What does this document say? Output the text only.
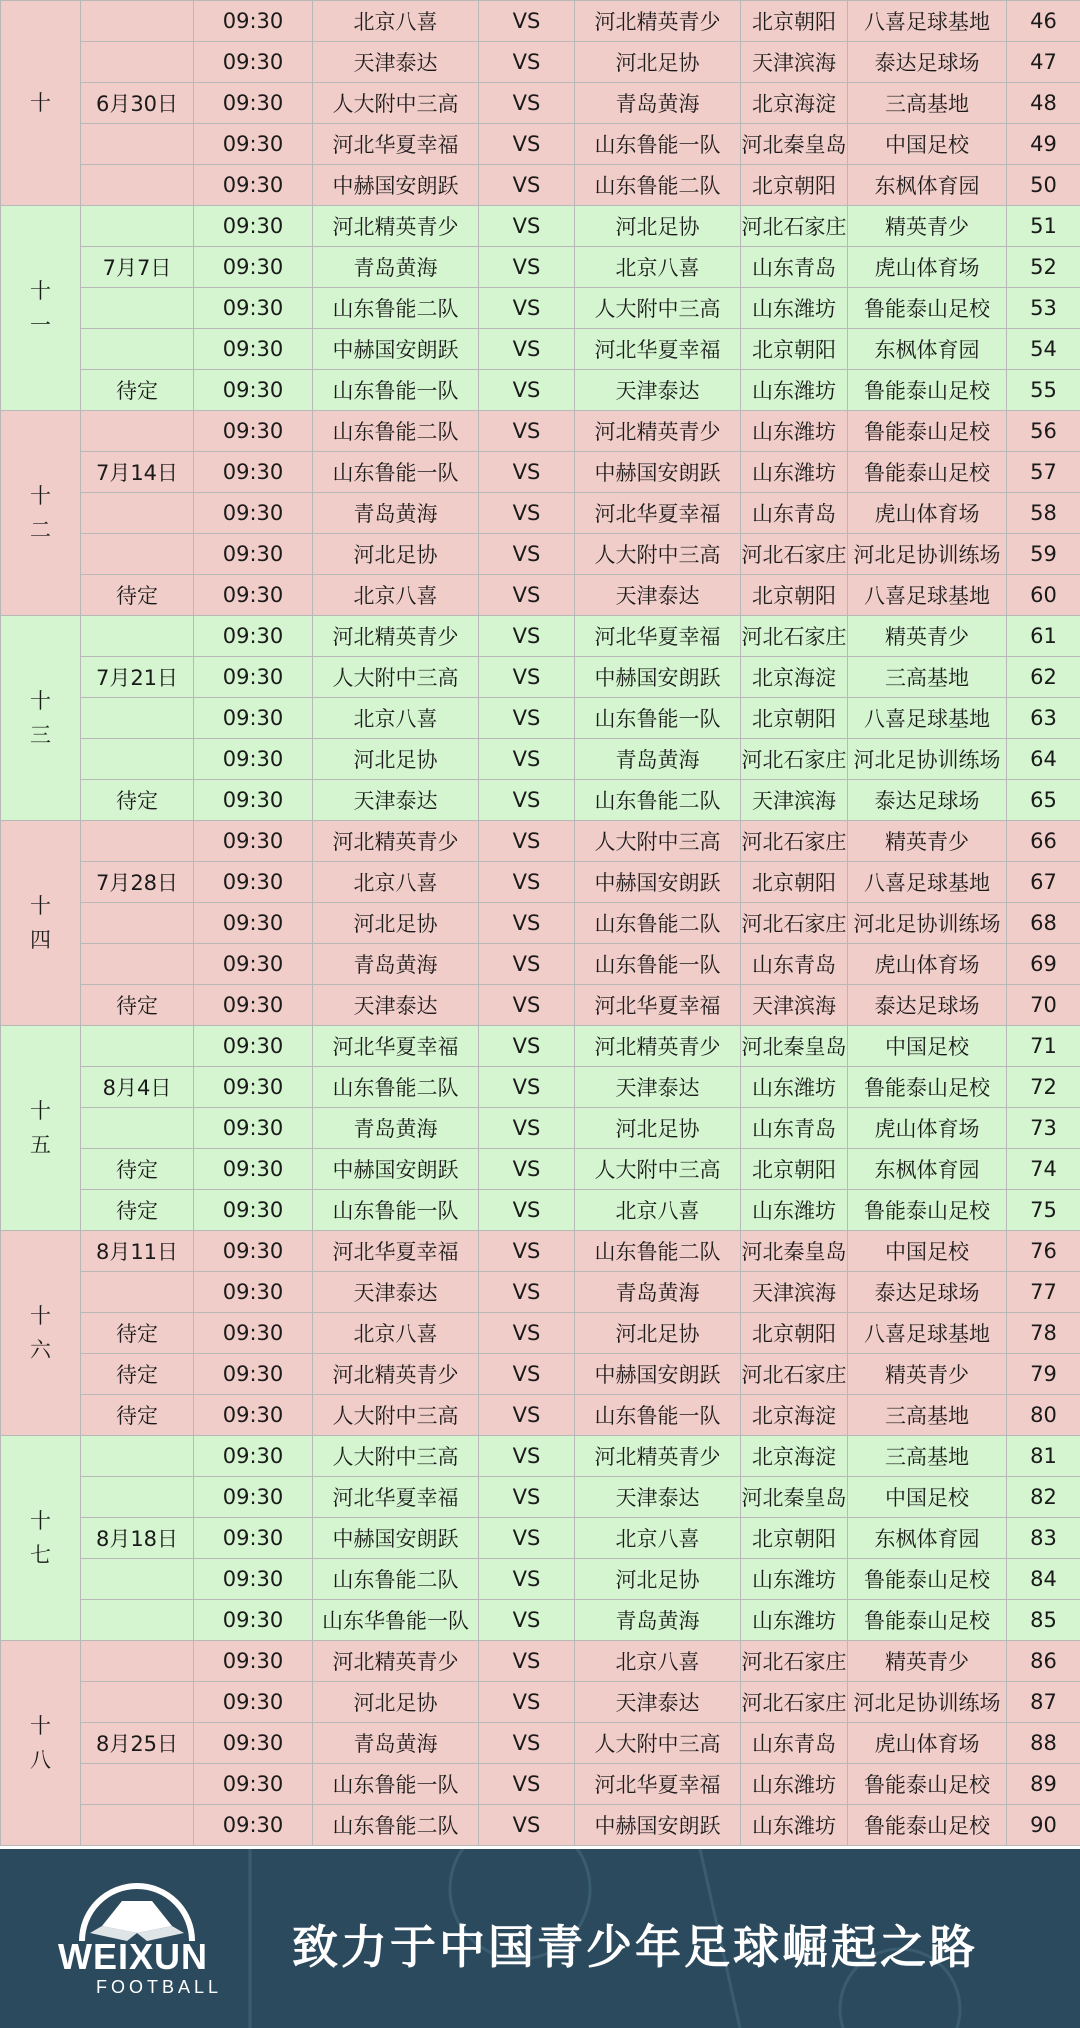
十		09:30	北京八喜	VS	河北精英青少	北京朝阳	八喜足球基地	46
		09:30	天津泰达	VS	河北足协	天津滨海	泰达足球场	47
	6月30日	09:30	人大附中三高	VS	青岛黄海	北京海淀	三高基地	48
		09:30	河北华夏幸福	VS	山东鲁能一队	河北秦皇岛	中国足校	49
		09:30	中赫国安朗跃	VS	山东鲁能二队	北京朝阳	东枫体育园	50

十
一		09:30	河北精英青少	VS	河北足协	河北石家庄	精英青少	51
	7月7日	09:30	青岛黄海	VS	北京八喜	山东青岛	虎山体育场	52
		09:30	山东鲁能二队	VS	人大附中三高	山东潍坊	鲁能泰山足校	53
		09:30	中赫国安朗跃	VS	河北华夏幸福	北京朝阳	东枫体育园	54
	待定	09:30	山东鲁能一队	VS	天津泰达	山东潍坊	鲁能泰山足校	55

十
二		09:30	山东鲁能二队	VS	河北精英青少	山东潍坊	鲁能泰山足校	56
	7月14日	09:30	山东鲁能一队	VS	中赫国安朗跃	山东潍坊	鲁能泰山足校	57
		09:30	青岛黄海	VS	河北华夏幸福	山东青岛	虎山体育场	58
		09:30	河北足协	VS	人大附中三高	河北石家庄	河北足协训练场	59
	待定	09:30	北京八喜	VS	天津泰达	北京朝阳	八喜足球基地	60

十
三		09:30	河北精英青少	VS	河北华夏幸福	河北石家庄	精英青少	61
	7月21日	09:30	人大附中三高	VS	中赫国安朗跃	北京海淀	三高基地	62
		09:30	北京八喜	VS	山东鲁能一队	北京朝阳	八喜足球基地	63
		09:30	河北足协	VS	青岛黄海	河北石家庄	河北足协训练场	64
	待定	09:30	天津泰达	VS	山东鲁能二队	天津滨海	泰达足球场	65

十
四		09:30	河北精英青少	VS	人大附中三高	河北石家庄	精英青少	66
	7月28日	09:30	北京八喜	VS	中赫国安朗跃	北京朝阳	八喜足球基地	67
		09:30	河北足协	VS	山东鲁能二队	河北石家庄	河北足协训练场	68
		09:30	青岛黄海	VS	山东鲁能一队	山东青岛	虎山体育场	69
	待定	09:30	天津泰达	VS	河北华夏幸福	天津滨海	泰达足球场	70

十
五		09:30	河北华夏幸福	VS	河北精英青少	河北秦皇岛	中国足校	71
	8月4日	09:30	山东鲁能二队	VS	天津泰达	山东潍坊	鲁能泰山足校	72
		09:30	青岛黄海	VS	河北足协	山东青岛	虎山体育场	73
	待定	09:30	中赫国安朗跃	VS	人大附中三高	北京朝阳	东枫体育园	74
	待定	09:30	山东鲁能一队	VS	北京八喜	山东潍坊	鲁能泰山足校	75

十
六	8月11日	09:30	河北华夏幸福	VS	山东鲁能二队	河北秦皇岛	中国足校	76
		09:30	天津泰达	VS	青岛黄海	天津滨海	泰达足球场	77
	待定	09:30	北京八喜	VS	河北足协	北京朝阳	八喜足球基地	78
	待定	09:30	河北精英青少	VS	中赫国安朗跃	河北石家庄	精英青少	79
	待定	09:30	人大附中三高	VS	山东鲁能一队	北京海淀	三高基地	80

十
七		09:30	人大附中三高	VS	河北精英青少	北京海淀	三高基地	81
		09:30	河北华夏幸福	VS	天津泰达	河北秦皇岛	中国足校	82
	8月18日	09:30	中赫国安朗跃	VS	北京八喜	北京朝阳	东枫体育园	83
		09:30	山东鲁能二队	VS	河北足协	山东潍坊	鲁能泰山足校	84
		09:30	山东华鲁能一队	VS	青岛黄海	山东潍坊	鲁能泰山足校	85

十
八		09:30	河北精英青少	VS	北京八喜	河北石家庄	精英青少	86
		09:30	河北足协	VS	天津泰达	河北石家庄	河北足协训练场	87
	8月25日	09:30	青岛黄海	VS	人大附中三高	山东青岛	虎山体育场	88
		09:30	山东鲁能一队	VS	河北华夏幸福	山东潍坊	鲁能泰山足校	89
		09:30	山东鲁能二队	VS	中赫国安朗跃	山东潍坊	鲁能泰山足校	90
WEIXUN
FOOTBALL
致力于中国青少年足球崛起之路
